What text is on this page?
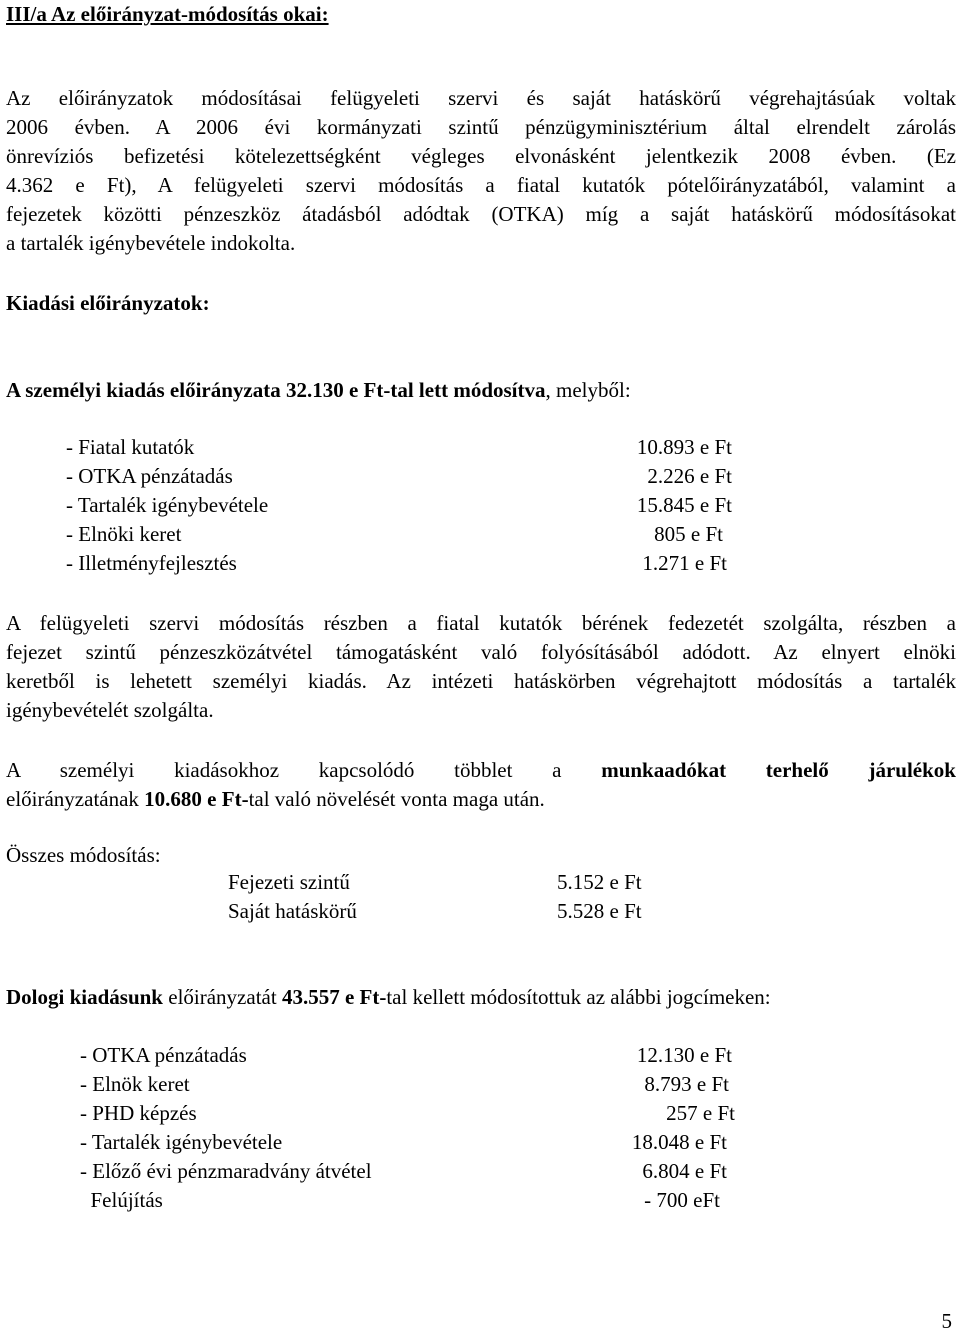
III/a Az előirányzat-módosítás okai:
Az előirányzatok módosításai felügyeleti szervi és saját hatáskörű végrehajtásúak voltak
2006 évben. A 2006 évi kormányzati szintű pénzügyminisztérium által elrendelt zárolás
önrevíziós befizetési kötelezettségként végleges elvonásként jelentkezik 2008 évben. (Ez
4.362 e Ft), A felügyeleti szervi módosítás a fiatal kutatók pótelőirányzatából, valamint a
fejezetek közötti pénzeszköz átadásból adódtak (OTKA) míg a saját hatáskörű módosításokat
a tartalék igénybevétele indokolta.
Kiadási előirányzatok:
A személyi kiadás előirányzata 32.130 e Ft-tal lett módosítva, melyből:
- Fiatal kutatók	10.893 e Ft
- OTKA pénzátadás	2.226 e Ft
- Tartalék igénybevétele	15.845 e Ft
- Elnöki keret	805 e Ft
- Illetményfejlesztés	1.271 e Ft
A felügyeleti szervi módosítás részben a fiatal kutatók bérének fedezetét szolgálta, részben a
fejezet szintű pénzeszközátvétel támogatásként való folyósításából adódott. Az elnyert elnöki
keretből is lehetett személyi kiadás. Az intézeti hatáskörben végrehajtott módosítás a tartalék
igénybevételét szolgálta.
A személyi kiadásokhoz kapcsolódó többlet a munkaadókat terhelő járulékok
előirányzatának 10.680 e Ft-tal való növelését vonta maga után.
Összes módosítás:
Fejezeti szintű	5.152 e Ft
Saját hatáskörű	5.528 e Ft
Dologi kiadásunk előirányzatát 43.557 e Ft-tal kellett módosítottuk az alábbi jogcímeken:
- OTKA pénzátadás	12.130 e Ft
- Elnök keret	8.793 e Ft
- PHD képzés	257 e Ft
- Tartalék igénybevétele	18.048 e Ft
- Előző évi pénzmaradvány átvétel	6.804 e Ft
Felújítás	- 700 eFt
5
